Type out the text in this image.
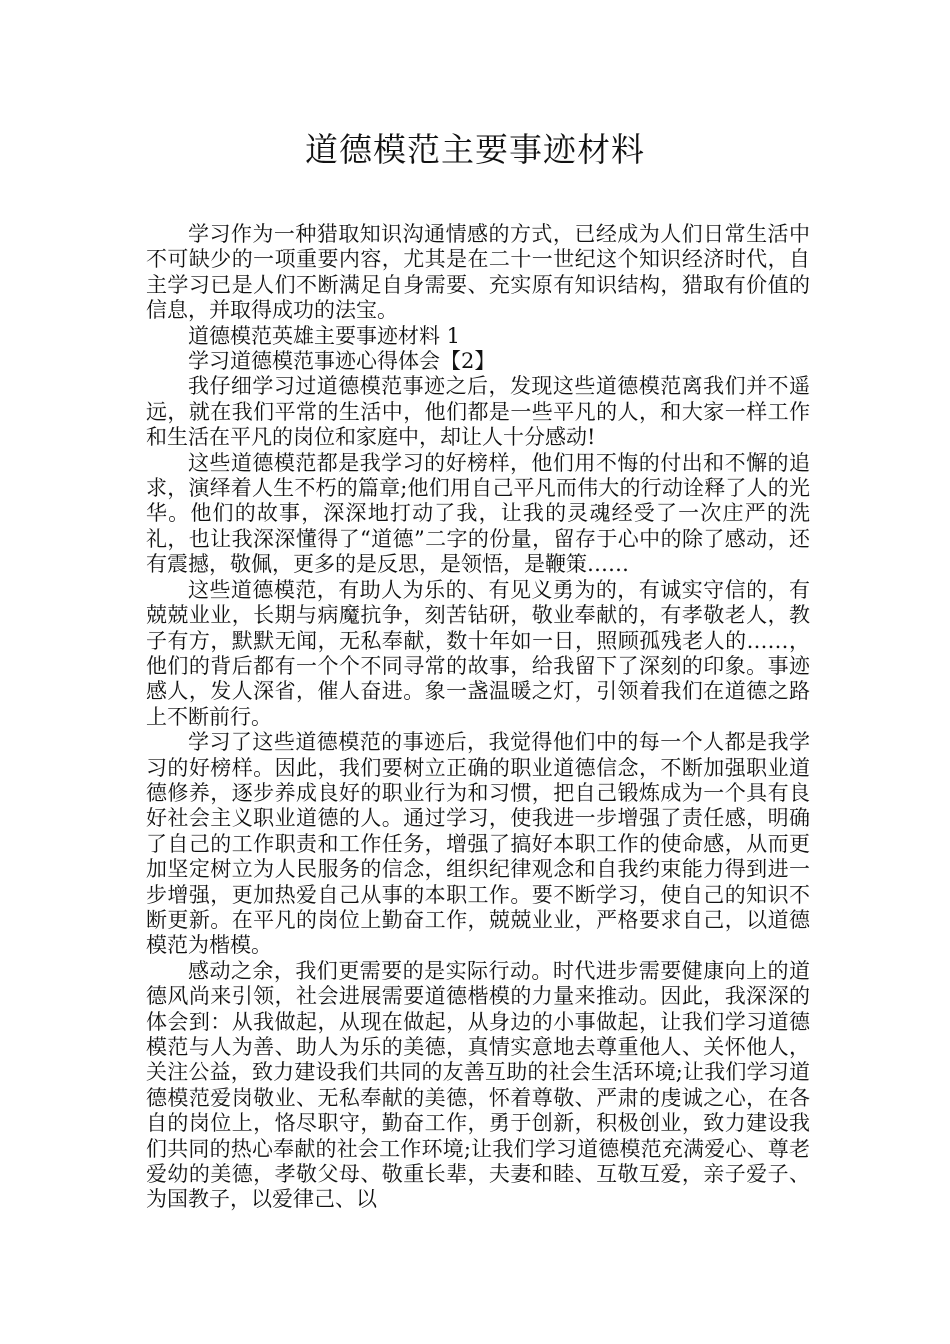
道德模范主要事迹材料

学习作为一种猎取知识沟通情感的方式，已经成为人们日常生活中不可缺少的一项重要内容，尤其是在二十一世纪这个知识经济时代，自主学习已是人们不断满足自身需要、充实原有知识结构，猎取有价值的信息，并取得成功的法宝。

道德模范英雄主要事迹材料 1

学习道德模范事迹心得体会【2】

我仔细学习过道德模范事迹之后，发现这些道德模范离我们并不遥远，就在我们平常的生活中，他们都是一些平凡的人，和大家一样工作和生活在平凡的岗位和家庭中，却让人十分感动!

这些道德模范都是我学习的好榜样，他们用不悔的付出和不懈的追求，演绎着人生不朽的篇章;他们用自己平凡而伟大的行动诠释了人的光华。他们的故事，深深地打动了我，让我的灵魂经受了一次庄严的洗礼，也让我深深懂得了“道德”二字的份量，留存于心中的除了感动，还有震撼，敬佩，更多的是反思，是领悟，是鞭策……

这些道德模范，有助人为乐的、有见义勇为的，有诚实守信的，有兢兢业业，长期与病魔抗争，刻苦钻研，敬业奉献的，有孝敬老人，教子有方，默默无闻，无私奉献，数十年如一日，照顾孤残老人的……，他们的背后都有一个个不同寻常的故事，给我留下了深刻的印象。事迹感人，发人深省，催人奋进。象一盏温暖之灯，引领着我们在道德之路上不断前行。

学习了这些道德模范的事迹后，我觉得他们中的每一个人都是我学习的好榜样。因此，我们要树立正确的职业道德信念，不断加强职业道德修养，逐步养成良好的职业行为和习惯，把自己锻炼成为一个具有良好社会主义职业道德的人。通过学习，使我进一步增强了责任感，明确了自己的工作职责和工作任务，增强了搞好本职工作的使命感，从而更加坚定树立为人民服务的信念，组织纪律观念和自我约束能力得到进一步增强，更加热爱自己从事的本职工作。要不断学习，使自己的知识不断更新。在平凡的岗位上勤奋工作，兢兢业业，严格要求自己，以道德模范为楷模。

感动之余，我们更需要的是实际行动。时代进步需要健康向上的道德风尚来引领，社会进展需要道德楷模的力量来推动。因此，我深深的体会到：从我做起，从现在做起，从身边的小事做起，让我们学习道德模范与人为善、助人为乐的美德，真情实意地去尊重他人、关怀他人，关注公益，致力建设我们共同的友善互助的社会生活环境;让我们学习道德模范爱岗敬业、无私奉献的美德，怀着尊敬、严肃的虔诚之心，在各自的岗位上，恪尽职守，勤奋工作，勇于创新，积极创业，致力建设我们共同的热心奉献的社会工作环境;让我们学习道德模范充满爱心、尊老爱幼的美德，孝敬父母、敬重长辈，夫妻和睦、互敬互爱，亲子爱子、为国教子，以爱律己、以
